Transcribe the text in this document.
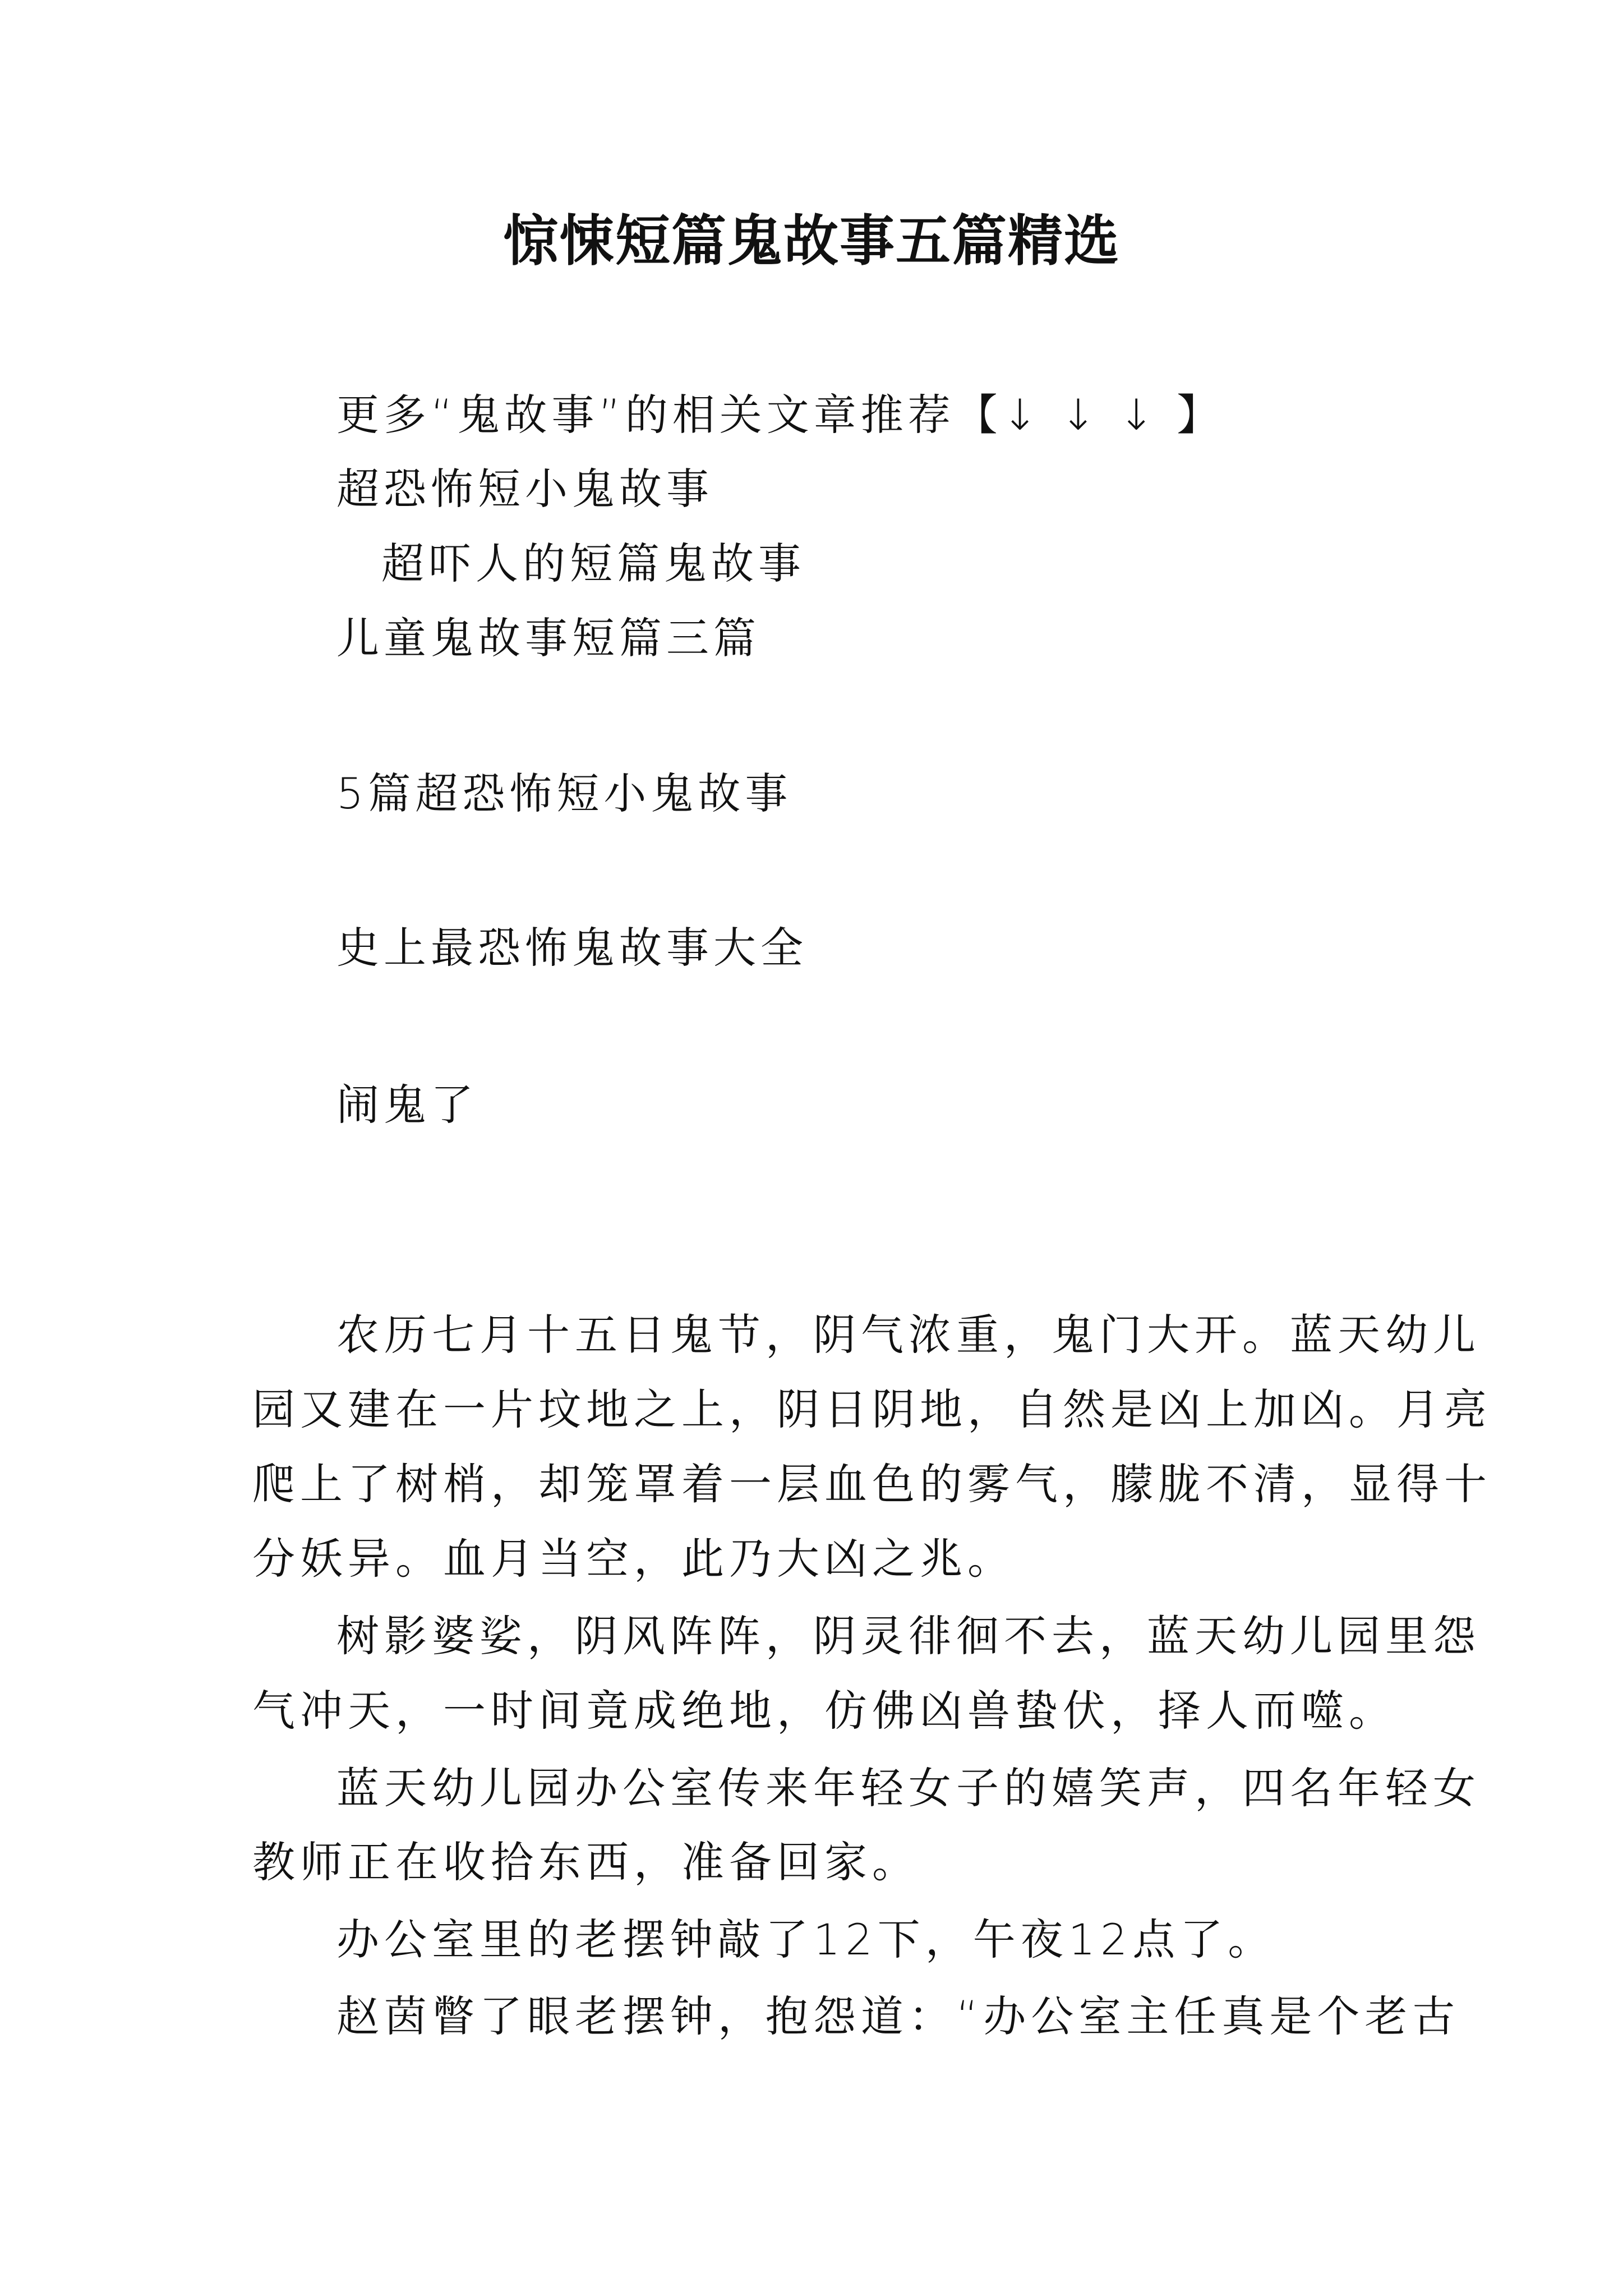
惊悚短篇鬼故事五篇精选
更多“鬼故事”的相关文章推荐【↓ ↓ ↓ 】
超恐怖短小鬼故事
超吓人的短篇鬼故事
儿童鬼故事短篇三篇
5篇超恐怖短小鬼故事
史上最恐怖鬼故事大全
闹鬼了
农历七月十五日鬼节，阴气浓重，鬼门大开。蓝天幼儿
园又建在一片坟地之上，阴日阴地，自然是凶上加凶。月亮
爬上了树梢，却笼罩着一层血色的雾气，朦胧不清，显得十
分妖异。血月当空，此乃大凶之兆。
树影婆娑，阴风阵阵，阴灵徘徊不去，蓝天幼儿园里怨
气冲天，一时间竟成绝地，仿佛凶兽蛰伏，择人而噬。
蓝天幼儿园办公室传来年轻女子的嬉笑声，四名年轻女
教师正在收拾东西，准备回家。
办公室里的老摆钟敲了12下，午夜12点了。
赵茵瞥了眼老摆钟，抱怨道：“办公室主任真是个老古
